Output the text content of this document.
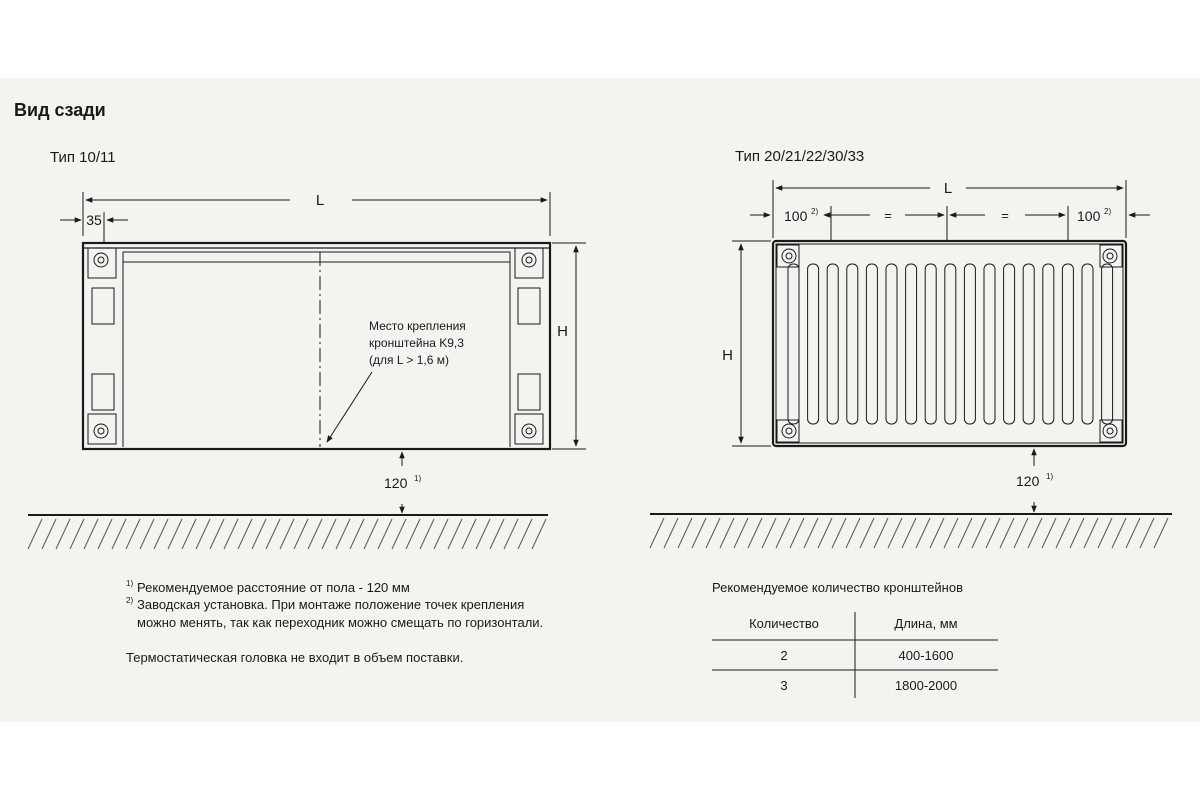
Вид сзади
Тип 10/11
L
35
H
Место крепления
кронштейна K9,3
(для L > 1,6 м)
120 1)
Тип 20/21/22/30/33
L
100 2)	=	=	100 2)
H
120 1)
1) Рекомендуемое расстояние от пола - 120 мм
2) Заводская установка. При монтаже положение точек крепления
можно менять, так как переходник можно смещать по горизонтали.
Термостатическая головка не входит в объем поставки.
Рекомендуемое количество кронштейнов
Количество	Длина, мм
2	400-1600
3	1800-2000
